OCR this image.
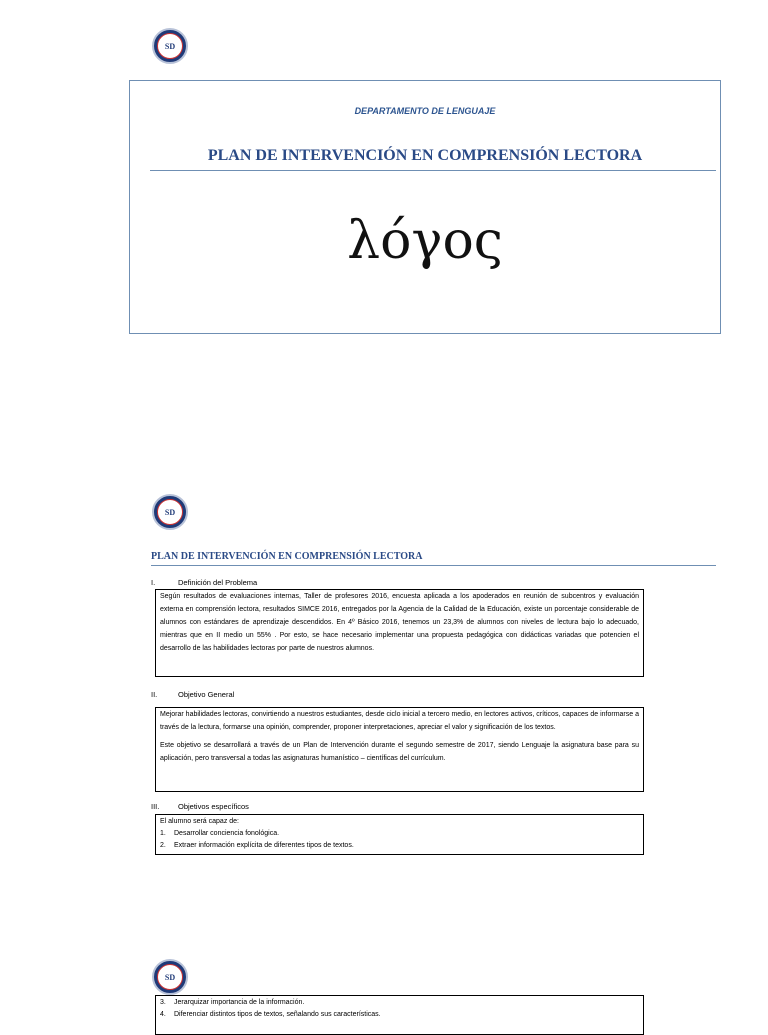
SD
DEPARTAMENTO DE LENGUAJE
PLAN DE INTERVENCIÓN EN COMPRENSIÓN LECTORA
λόγος
SD
PLAN DE INTERVENCIÓN EN COMPRENSIÓN LECTORA
I.	Definición del Problema

Según resultados de evaluaciones internas, Taller de profesores 2016, encuesta aplicada a los apoderados en reunión de subcentros y evaluación externa en comprensión lectora, resultados SIMCE 2016, entregados por la Agencia de la Calidad de la Educación, existe un porcentaje considerable de alumnos con estándares de aprendizaje descendidos. En 4º Básico 2016, tenemos un 23,3% de alumnos con niveles de lectura bajo lo adecuado, mientras que en II medio un 55% . Por esto, se hace necesario implementar una propuesta pedagógica con didácticas variadas que potencien el desarrollo de las habilidades lectoras por parte de nuestros alumnos.

II.	Objetivo General

Mejorar habilidades lectoras, convirtiendo a nuestros estudiantes, desde ciclo inicial a tercero medio, en lectores activos, críticos, capaces de informarse a través de la lectura, formarse una opinión, comprender, proponer interpretaciones, apreciar el valor y significación de los textos.

Este objetivo se desarrollará a través de un Plan de Intervención durante el segundo semestre de 2017, siendo Lenguaje la asignatura base para su aplicación, pero transversal a todas las asignaturas humanístico – científicas del currículum.

III. Objetivos específicos
El alumno será capaz de:
1. Desarrollar conciencia fonológica.
2. Extraer información explícita de diferentes tipos de textos.
SD
3. Jerarquizar importancia de la información.
4. Diferenciar distintos tipos de textos, señalando sus características.
